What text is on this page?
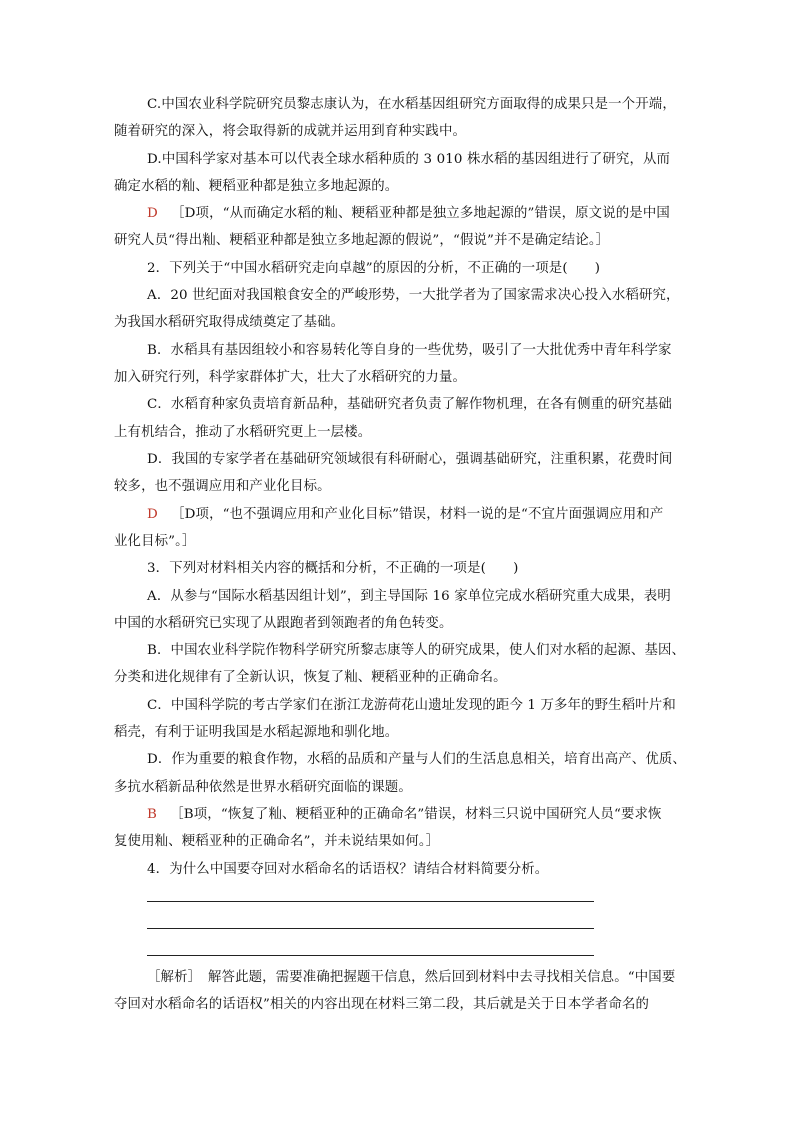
C.中国农业科学院研究员黎志康认为，在水稻基因组研究方面取得的成果只是一个开端，
随着研究的深入，将会取得新的成就并运用到育种实践中。
D.中国科学家对基本可以代表全球水稻种质的 3 010 株水稻的基因组进行了研究，从而
确定水稻的籼、粳稻亚种都是独立多地起源的。
D ［D项，“从而确定水稻的籼、粳稻亚种都是独立多地起源的”错误，原文说的是中国
研究人员“得出籼、粳稻亚种都是独立多地起源的假说”，“假说”并不是确定结论。］
2．下列关于“中国水稻研究走向卓越”的原因的分析，不正确的一项是(　　)
A．20 世纪面对我国粮食安全的严峻形势，一大批学者为了国家需求决心投入水稻研究，
为我国水稻研究取得成绩奠定了基础。
B．水稻具有基因组较小和容易转化等自身的一些优势，吸引了一大批优秀中青年科学家
加入研究行列，科学家群体扩大，壮大了水稻研究的力量。
C．水稻育种家负责培育新品种，基础研究者负责了解作物机理，在各有侧重的研究基础
上有机结合，推动了水稻研究更上一层楼。
D．我国的专家学者在基础研究领域很有科研耐心，强调基础研究，注重积累，花费时间
较多，也不强调应用和产业化目标。
D ［D项，“也不强调应用和产业化目标”错误，材料一说的是“不宜片面强调应用和产
业化目标”。］
3．下列对材料相关内容的概括和分析，不正确的一项是(　　)
A．从参与“国际水稻基因组计划”，到主导国际 16 家单位完成水稻研究重大成果，表明
中国的水稻研究已实现了从跟跑者到领跑者的角色转变。
B．中国农业科学院作物科学研究所黎志康等人的研究成果，使人们对水稻的起源、基因、
分类和进化规律有了全新认识，恢复了籼、粳稻亚种的正确命名。
C．中国科学院的考古学家们在浙江龙游荷花山遗址发现的距今 1 万多年的野生稻叶片和
稻壳，有利于证明我国是水稻起源地和驯化地。
D．作为重要的粮食作物，水稻的品质和产量与人们的生活息息相关，培育出高产、优质、
多抗水稻新品种依然是世界水稻研究面临的课题。
B ［B项，“恢复了籼、粳稻亚种的正确命名”错误，材料三只说中国研究人员“要求恢
复使用籼、粳稻亚种的正确命名”，并未说结果如何。］
4．为什么中国要夺回对水稻命名的话语权？请结合材料简要分析。
［解析］　解答此题，需要准确把握题干信息，然后回到材料中去寻找相关信息。“中国要
夺回对水稻命名的话语权”相关的内容出现在材料三第二段，其后就是关于日本学者命名的
